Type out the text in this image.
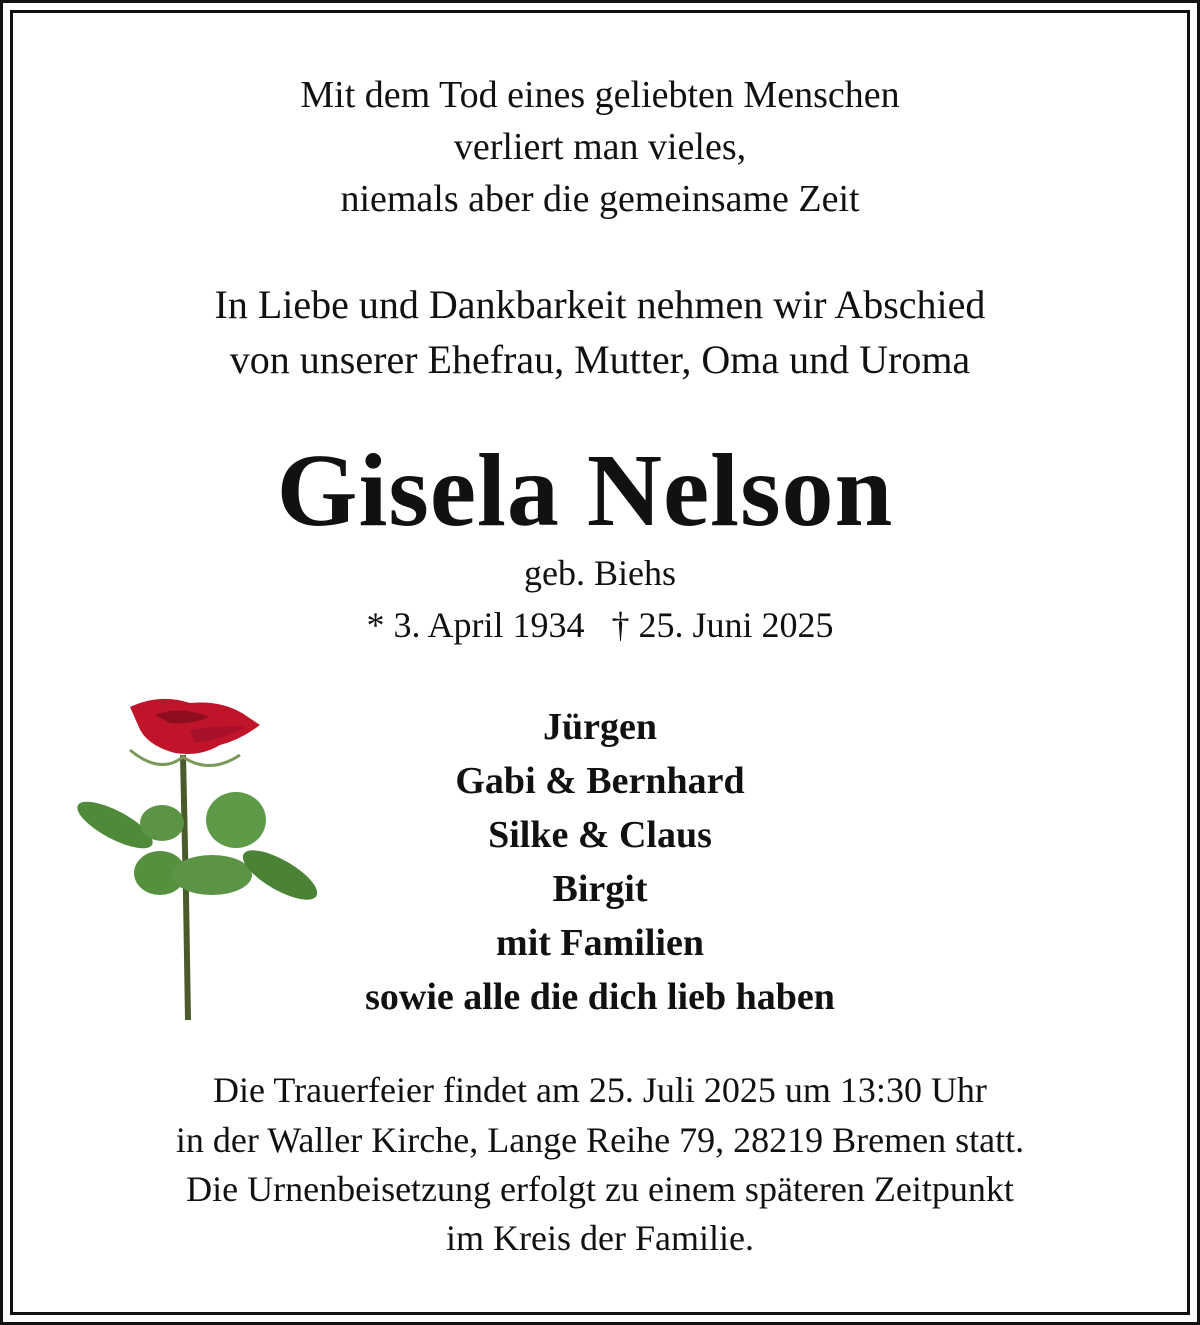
Mit dem Tod eines geliebten Menschen
verliert man vieles,
niemals aber die gemeinsame Zeit
In Liebe und Dankbarkeit nehmen wir Abschied
von unserer Ehefrau, Mutter, Oma und Uroma
Gisela Nelson
geb. Biehs
* 3. April 1934   † 25. Juni 2025
Jürgen
Gabi & Bernhard
Silke & Claus
Birgit
mit Familien
sowie alle die dich lieb haben
Die Trauerfeier findet am 25. Juli 2025 um 13:30 Uhr
in der Waller Kirche, Lange Reihe 79, 28219 Bremen statt.
Die Urnenbeisetzung erfolgt zu einem späteren Zeitpunkt
im Kreis der Familie.
